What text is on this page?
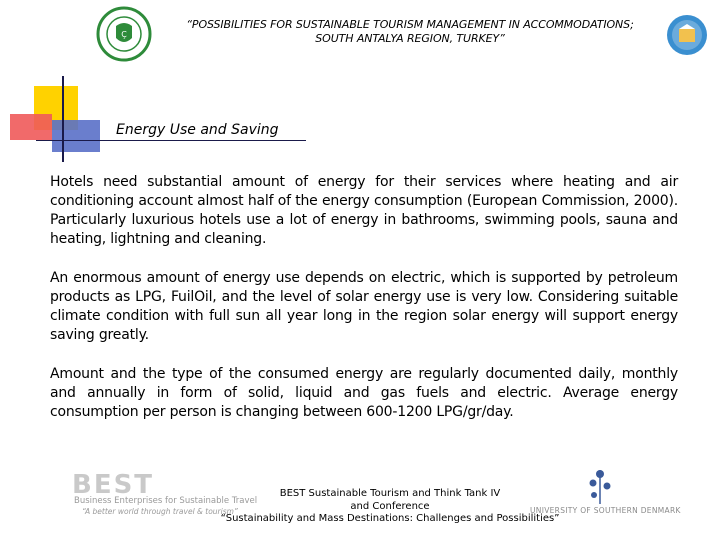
Ç
“POSSIBILITIES FOR SUSTAINABLE TOURISM MANAGEMENT IN ACCOMMODATIONS;
SOUTH ANTALYA REGION, TURKEY”
Energy Use and Saving
Hotels need substantial amount of energy for their services where heating and air conditioning account almost half of the energy consumption (European Commission, 2000). Particularly luxurious hotels use a lot of energy in bathrooms, swimming pools, sauna and heating, lightning and cleaning.
An enormous amount of energy use depends on electric, which is supported by petroleum products as LPG, FuilOil, and the level of solar energy use is very low. Considering suitable climate condition with full sun all year long in the region solar energy will support energy saving greatly.
Amount and the type of the consumed energy are regularly documented daily, monthly and annually in form of solid, liquid and gas fuels and electric. Average energy consumption per person is changing between 600-1200 LPG/gr/day.
BEST
Business Enterprises for Sustainable Travel
“A better world through travel & tourism”
BEST Sustainable Tourism and Think Tank IV
and Conference
“Sustainability and Mass Destinations: Challenges and Possibilities”
UNIVERSITY OF SOUTHERN DENMARK
